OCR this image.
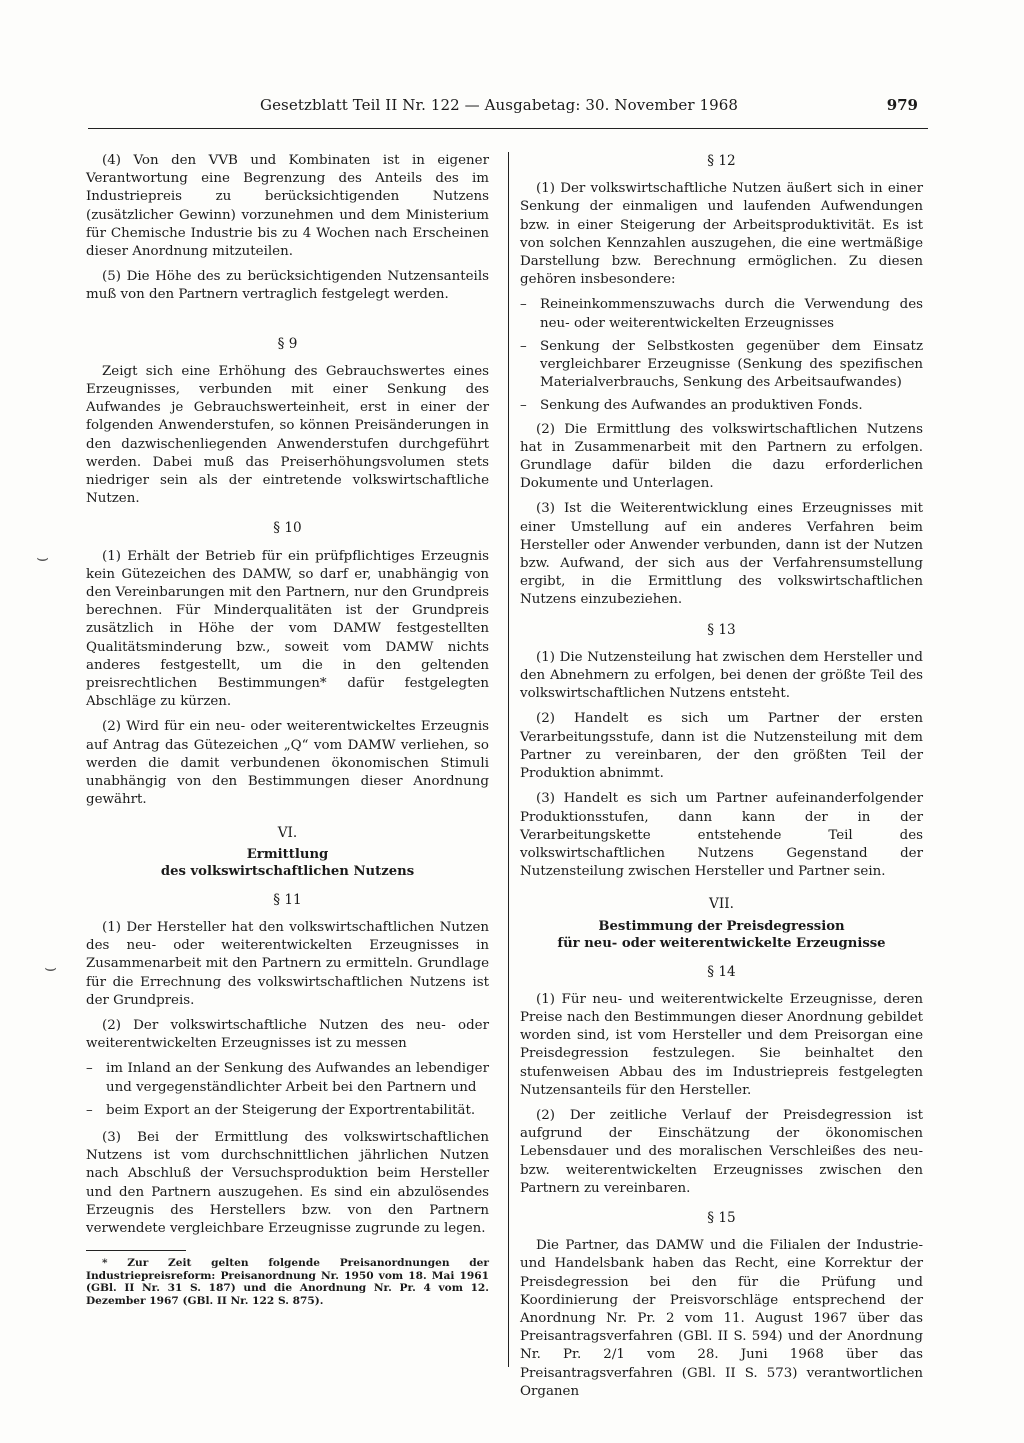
Gesetzblatt Teil II Nr. 122 — Ausgabetag: 30. November 1968	979
⌣
⌣

(4) Von den VVB und Kombinaten ist in eigener Verantwortung eine Begrenzung des Anteils des im Industriepreis zu berücksichtigenden Nutzens (zusätzlicher Gewinn) vorzunehmen und dem Ministerium für Chemische Industrie bis zu 4 Wochen nach Erscheinen dieser Anordnung mitzuteilen.

(5) Die Höhe des zu berücksichtigenden Nutzensanteils muß von den Partnern vertraglich festgelegt werden.

§ 9

Zeigt sich eine Erhöhung des Gebrauchswertes eines Erzeugnisses, verbunden mit einer Senkung des Aufwandes je Gebrauchswerteinheit, erst in einer der folgenden Anwenderstufen, so können Preisänderungen in den dazwischenliegenden Anwenderstufen durchgeführt werden. Dabei muß das Preiserhöhungsvolumen stets niedriger sein als der eintretende volkswirtschaftliche Nutzen.

§ 10

(1) Erhält der Betrieb für ein prüfpflichtiges Erzeugnis kein Gütezeichen des DAMW, so darf er, unabhängig von den Vereinbarungen mit den Partnern, nur den Grundpreis berechnen. Für Minderqualitäten ist der Grundpreis zusätzlich in Höhe der vom DAMW festgestellten Qualitätsminderung bzw., soweit vom DAMW nichts anderes festgestellt, um die in den geltenden preisrechtlichen Bestimmungen* dafür festgelegten Abschläge zu kürzen.

(2) Wird für ein neu- oder weiterentwickeltes Erzeugnis auf Antrag das Gütezeichen „Q“ vom DAMW verliehen, so werden die damit verbundenen ökonomischen Stimuli unabhängig von den Bestimmungen dieser Anordnung gewährt.

VI.
Ermittlung
des volkswirtschaftlichen Nutzens
§ 11

(1) Der Hersteller hat den volkswirtschaftlichen Nutzen des neu- oder weiterentwickelten Erzeugnisses in Zusammenarbeit mit den Partnern zu ermitteln. Grundlage für die Errechnung des volkswirtschaftlichen Nutzens ist der Grundpreis.

(2) Der volkswirtschaftliche Nutzen des neu- oder weiterentwickelten Erzeugnisses ist zu messen

– im Inland an der Senkung des Aufwandes an lebendiger und vergegenständlichter Arbeit bei den Partnern und
– beim Export an der Steigerung der Exportrentabilität.

(3) Bei der Ermittlung des volkswirtschaftlichen Nutzens ist vom durchschnittlichen jährlichen Nutzen nach Abschluß der Versuchsproduktion beim Hersteller und den Partnern auszugehen. Es sind ein abzulösendes Erzeugnis des Herstellers bzw. von den Partnern verwendete vergleichbare Erzeugnisse zugrunde zu legen.

* Zur Zeit gelten folgende Preisanordnungen der Industriepreisreform: Preisanordnung Nr. 1950 vom 18. Mai 1961 (GBl. II Nr. 31 S. 187) und die Anordnung Nr. Pr. 4 vom 12. Dezember 1967 (GBl. II Nr. 122 S. 875).

§ 12

(1) Der volkswirtschaftliche Nutzen äußert sich in einer Senkung der einmaligen und laufenden Aufwendungen bzw. in einer Steigerung der Arbeitsproduktivität. Es ist von solchen Kennzahlen auszugehen, die eine wertmäßige Darstellung bzw. Berechnung ermöglichen. Zu diesen gehören insbesondere:

– Reineinkommenszuwachs durch die Verwendung des neu- oder weiterentwickelten Erzeugnisses
– Senkung der Selbstkosten gegenüber dem Einsatz vergleichbarer Erzeugnisse (Senkung des spezifischen Materialverbrauchs, Senkung des Arbeitsaufwandes)
– Senkung des Aufwandes an produktiven Fonds.

(2) Die Ermittlung des volkswirtschaftlichen Nutzens hat in Zusammenarbeit mit den Partnern zu erfolgen. Grundlage dafür bilden die dazu erforderlichen Dokumente und Unterlagen.

(3) Ist die Weiterentwicklung eines Erzeugnisses mit einer Umstellung auf ein anderes Verfahren beim Hersteller oder Anwender verbunden, dann ist der Nutzen bzw. Aufwand, der sich aus der Verfahrensumstellung ergibt, in die Ermittlung des volkswirtschaftlichen Nutzens einzubeziehen.

§ 13

(1) Die Nutzensteilung hat zwischen dem Hersteller und den Abnehmern zu erfolgen, bei denen der größte Teil des volkswirtschaftlichen Nutzens entsteht.

(2) Handelt es sich um Partner der ersten Verarbeitungsstufe, dann ist die Nutzensteilung mit dem Partner zu vereinbaren, der den größten Teil der Produktion abnimmt.

(3) Handelt es sich um Partner aufeinanderfolgender Produktionsstufen, dann kann der in der Verarbeitungskette entstehende Teil des volkswirtschaftlichen Nutzens Gegenstand der Nutzensteilung zwischen Hersteller und Partner sein.

VII.
Bestimmung der Preisdegression
für neu- oder weiterentwickelte Erzeugnisse
§ 14

(1) Für neu- und weiterentwickelte Erzeugnisse, deren Preise nach den Bestimmungen dieser Anordnung gebildet worden sind, ist vom Hersteller und dem Preisorgan eine Preisdegression festzulegen. Sie beinhaltet den stufenweisen Abbau des im Industriepreis festgelegten Nutzensanteils für den Hersteller.

(2) Der zeitliche Verlauf der Preisdegression ist aufgrund der Einschätzung der ökonomischen Lebensdauer und des moralischen Verschleißes des neu- bzw. weiterentwickelten Erzeugnisses zwischen den Partnern zu vereinbaren.

§ 15

Die Partner, das DAMW und die Filialen der Industrie- und Handelsbank haben das Recht, eine Korrektur der Preisdegression bei den für die Prüfung und Koordinierung der Preisvorschläge entsprechend der Anordnung Nr. Pr. 2 vom 11. August 1967 über das Preisantragsverfahren (GBl. II S. 594) und der Anordnung Nr. Pr. 2/1 vom 28. Juni 1968 über das Preisantragsverfahren (GBl. II S. 573) verantwortlichen Organen
